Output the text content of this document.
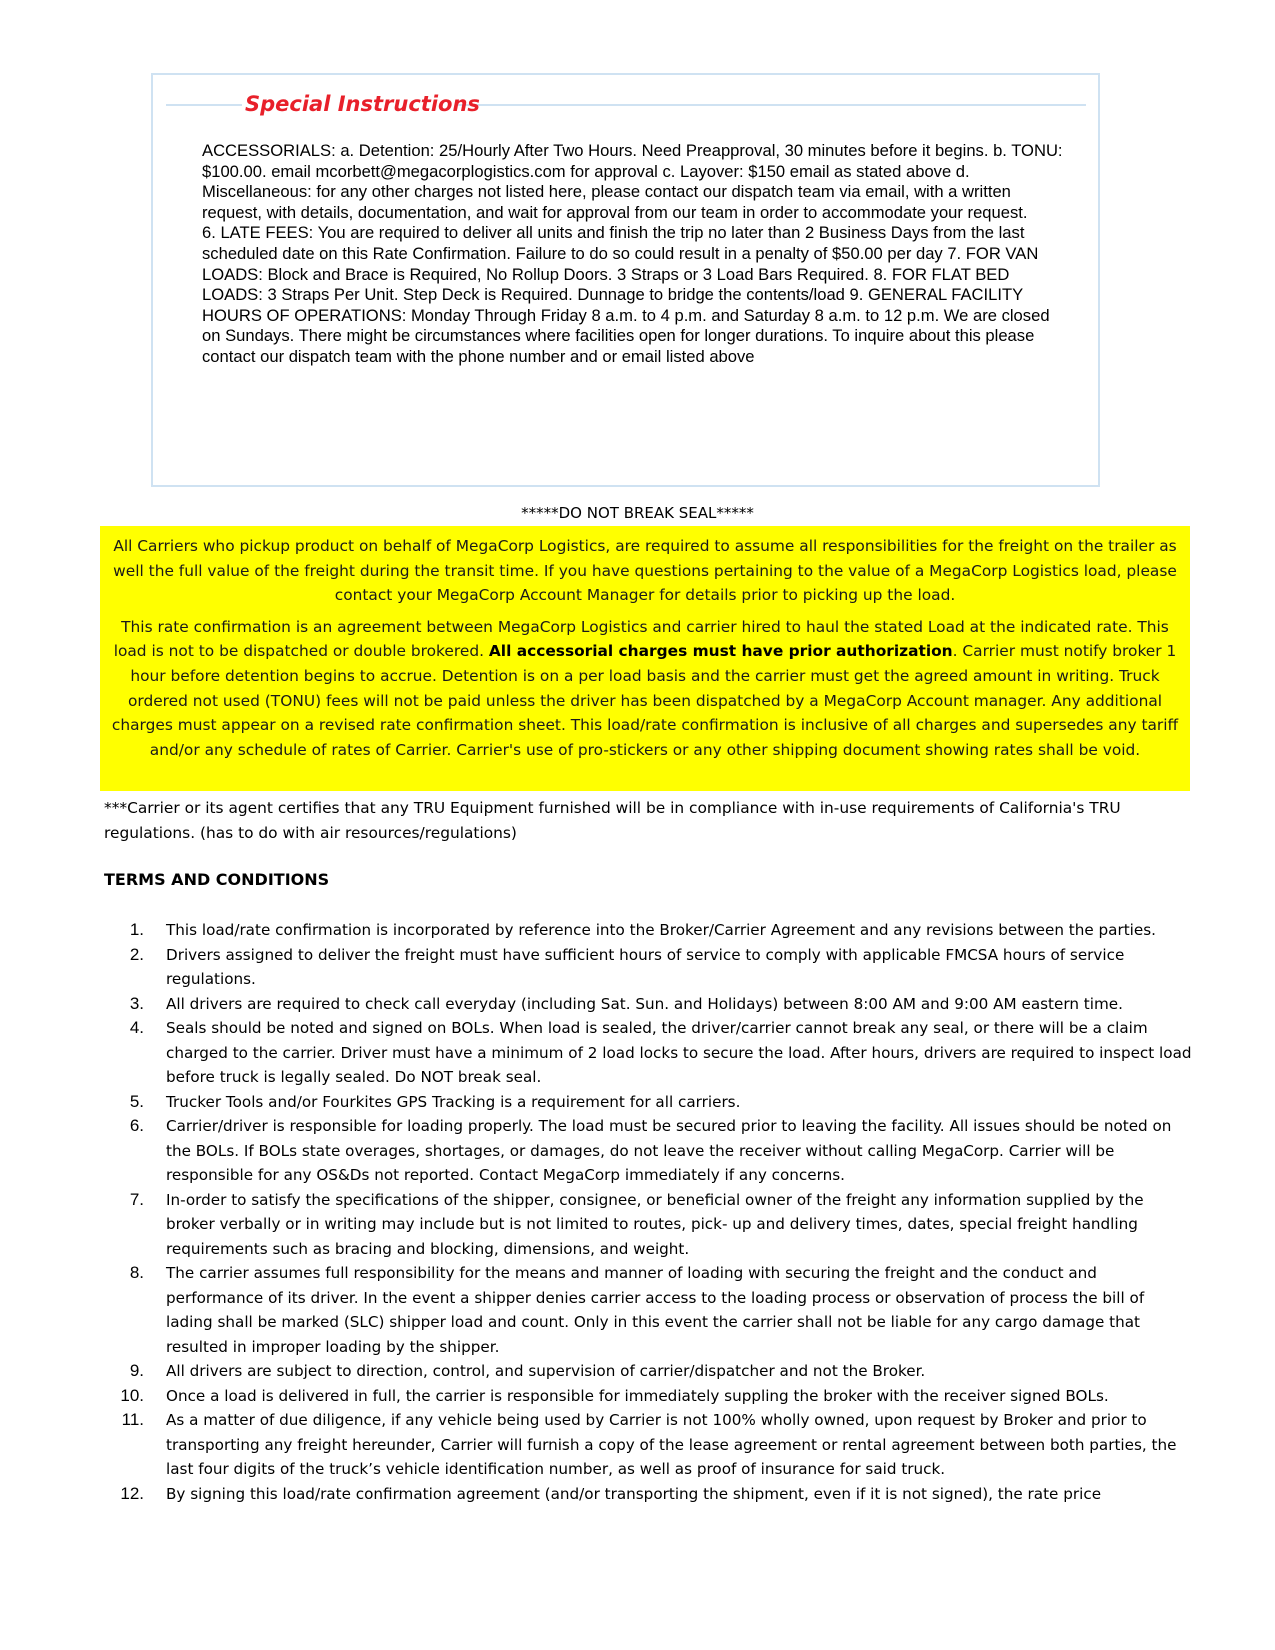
Special Instructions

ACCESSORIALS: a. Detention: 25/Hourly After Two Hours. Need Preapproval, 30 minutes before it begins. b. TONU: $100.00. email mcorbett@megacorplogistics.com for approval c. Layover: $150 email as stated above d. Miscellaneous: for any other charges not listed here, please contact our dispatch team via email, with a written request, with details, documentation, and wait for approval from our team in order to accommodate your request.

6. LATE FEES: You are required to deliver all units and finish the trip no later than 2 Business Days from the last scheduled date on this Rate Confirmation. Failure to do so could result in a penalty of $50.00 per day 7. FOR VAN LOADS: Block and Brace is Required, No Rollup Doors. 3 Straps or 3 Load Bars Required. 8. FOR FLAT BED LOADS: 3 Straps Per Unit. Step Deck is Required. Dunnage to bridge the contents/load 9. GENERAL FACILITY HOURS OF OPERATIONS: Monday Through Friday 8 a.m. to 4 p.m. and Saturday 8 a.m. to 12 p.m. We are closed on Sundays. There might be circumstances where facilities open for longer durations. To inquire about this please contact our dispatch team with the phone number and or email listed above

*****DO NOT BREAK SEAL*****

All Carriers who pickup product on behalf of MegaCorp Logistics, are required to assume all responsibilities for the freight on the trailer as well the full value of the freight during the transit time. If you have questions pertaining to the value of a MegaCorp Logistics load, please contact your MegaCorp Account Manager for details prior to picking up the load.

This rate confirmation is an agreement between MegaCorp Logistics and carrier hired to haul the stated Load at the indicated rate. This load is not to be dispatched or double brokered. All accessorial charges must have prior authorization. Carrier must notify broker 1 hour before detention begins to accrue. Detention is on a per load basis and the carrier must get the agreed amount in writing. Truck ordered not used (TONU) fees will not be paid unless the driver has been dispatched by a MegaCorp Account manager. Any additional charges must appear on a revised rate confirmation sheet. This load/rate confirmation is inclusive of all charges and supersedes any tariff and/or any schedule of rates of Carrier. Carrier's use of pro-stickers or any other shipping document showing rates shall be void.

***Carrier or its agent certifies that any TRU Equipment furnished will be in compliance with in-use requirements of California's TRU regulations. (has to do with air resources/regulations)
TERMS AND CONDITIONS
1. This load/rate confirmation is incorporated by reference into the Broker/Carrier Agreement and any revisions between the parties.
2. Drivers assigned to deliver the freight must have sufficient hours of service to comply with applicable FMCSA hours of service regulations.
3. All drivers are required to check call everyday (including Sat. Sun. and Holidays) between 8:00 AM and 9:00 AM eastern time.
4. Seals should be noted and signed on BOLs. When load is sealed, the driver/carrier cannot break any seal, or there will be a claim charged to the carrier. Driver must have a minimum of 2 load locks to secure the load. After hours, drivers are required to inspect load before truck is legally sealed. Do NOT break seal.
5. Trucker Tools and/or Fourkites GPS Tracking is a requirement for all carriers.
6. Carrier/driver is responsible for loading properly. The load must be secured prior to leaving the facility. All issues should be noted on the BOLs. If BOLs state overages, shortages, or damages, do not leave the receiver without calling MegaCorp. Carrier will be responsible for any OS&Ds not reported. Contact MegaCorp immediately if any concerns.
7. In-order to satisfy the specifications of the shipper, consignee, or beneficial owner of the freight any information supplied by the broker verbally or in writing may include but is not limited to routes, pick- up and delivery times, dates, special freight handling requirements such as bracing and blocking, dimensions, and weight.
8. The carrier assumes full responsibility for the means and manner of loading with securing the freight and the conduct and performance of its driver. In the event a shipper denies carrier access to the loading process or observation of process the bill of lading shall be marked (SLC) shipper load and count. Only in this event the carrier shall not be liable for any cargo damage that resulted in improper loading by the shipper.
9. All drivers are subject to direction, control, and supervision of carrier/dispatcher and not the Broker.
10. Once a load is delivered in full, the carrier is responsible for immediately suppling the broker with the receiver signed BOLs.
11. As a matter of due diligence, if any vehicle being used by Carrier is not 100% wholly owned, upon request by Broker and prior to transporting any freight hereunder, Carrier will furnish a copy of the lease agreement or rental agreement between both parties, the last four digits of the truck’s vehicle identification number, as well as proof of insurance for said truck.
12. By signing this load/rate confirmation agreement (and/or transporting the shipment, even if it is not signed), the rate price
